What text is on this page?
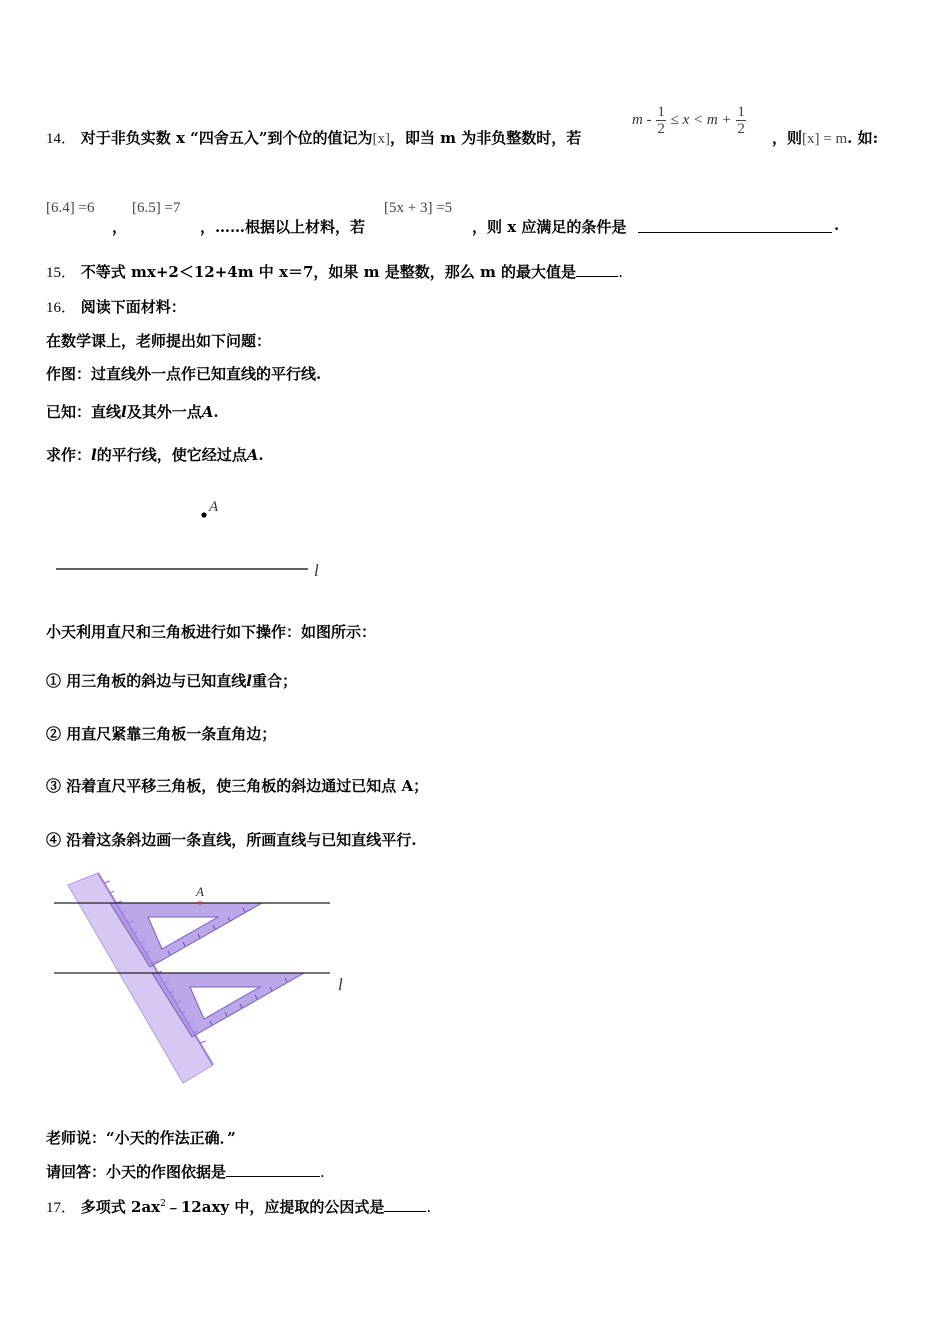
14． 对于非负实数 x “四舍五入”到个位的值记为[x]，即当 m 为非负整数时，若
$m - \frac{1}{2} \le x < m + \frac{1}{2}$
，则[x] = m. 如:
[6.4] =6
，
[6.5] =7
，……根据以上材料，若
[5x + 3] =5
，则 x 应满足的条件是	.
15． 不等式 mx+2＜12+4m 中 x＝7，如果 m 是整数，那么 m 的最大值是	.
16． 阅读下面材料：
在数学课上，老师提出如下问题：
作图：过直线外一点作已知直线的平行线.
已知：直线l及其外一点A.
求作：l的平行线，使它经过点A.
A
l
小天利用直尺和三角板进行如下操作：如图所示：
① 用三角板的斜边与已知直线l重合；
② 用直尺紧靠三角板一条直角边；
③ 沿着直尺平移三角板，使三角板的斜边通过已知点 A；
④ 沿着这条斜边画一条直线，所画直线与已知直线平行.
A
l
老师说：“小天的作法正确．”
请回答：小天的作图依据是	.
17． 多项式 $2ax^2﹣12axy$ 中，应提取的公因式是	.
